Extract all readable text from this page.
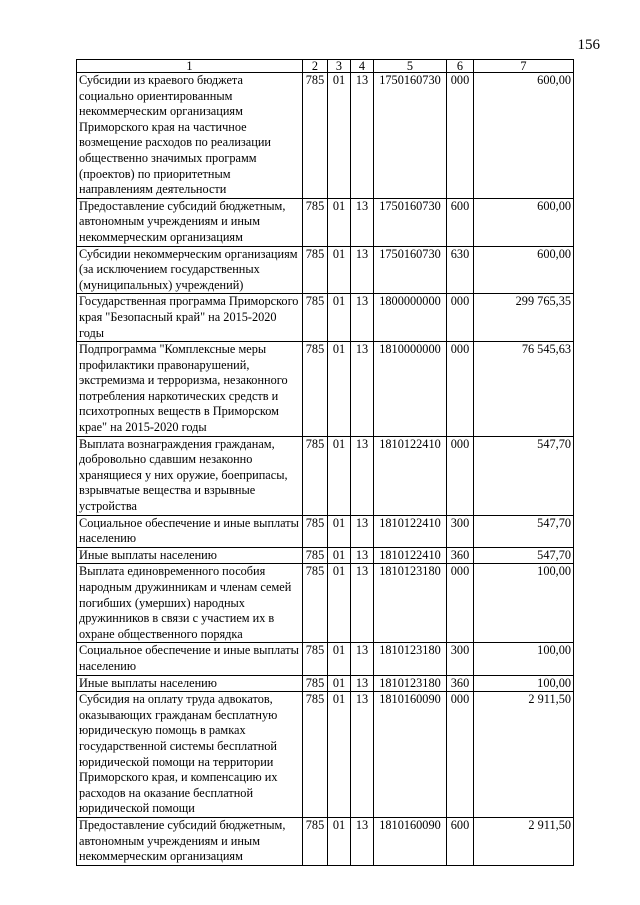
156
1	2	3	4	5	6	7
Субсидии из краевого бюджета социально ориентированным некоммерческим организациям Приморского края на частичное возмещение расходов по реализации общественно значимых программ (проектов) по приоритетным направлениям деятельности	785	01	13	1750160730	000	600,00
Предоставление субсидий бюджетным, автономным учреждениям и иным некоммерческим организациям	785	01	13	1750160730	600	600,00
Субсидии некоммерческим организациям (за исключением государственных (муниципальных) учреждений)	785	01	13	1750160730	630	600,00
Государственная программа Приморского края "Безопасный край" на 2015-2020 годы	785	01	13	1800000000	000	299 765,35
Подпрограмма "Комплексные меры профилактики правонарушений, экстремизма и терроризма, незаконного потребления наркотических средств и психотропных веществ в Приморском крае" на 2015-2020 годы	785	01	13	1810000000	000	76 545,63
Выплата вознаграждения гражданам, добровольно сдавшим незаконно хранящиеся у них оружие, боеприпасы, взрывчатые вещества и взрывные устройства	785	01	13	1810122410	000	547,70
Социальное обеспечение и иные выплаты населению	785	01	13	1810122410	300	547,70
Иные выплаты населению	785	01	13	1810122410	360	547,70
Выплата единовременного пособия народным дружинникам и членам семей погибших (умерших) народных дружинников в связи с участием их в охране общественного порядка	785	01	13	1810123180	000	100,00
Социальное обеспечение и иные выплаты населению	785	01	13	1810123180	300	100,00
Иные выплаты населению	785	01	13	1810123180	360	100,00
Субсидия на оплату труда адвокатов, оказывающих гражданам бесплатную юридическую помощь в рамках государственной системы бесплатной юридической помощи на территории Приморского края, и компенсацию их расходов на оказание бесплатной юридической помощи	785	01	13	1810160090	000	2 911,50
Предоставление субсидий бюджетным, автономным учреждениям и иным некоммерческим организациям	785	01	13	1810160090	600	2 911,50
